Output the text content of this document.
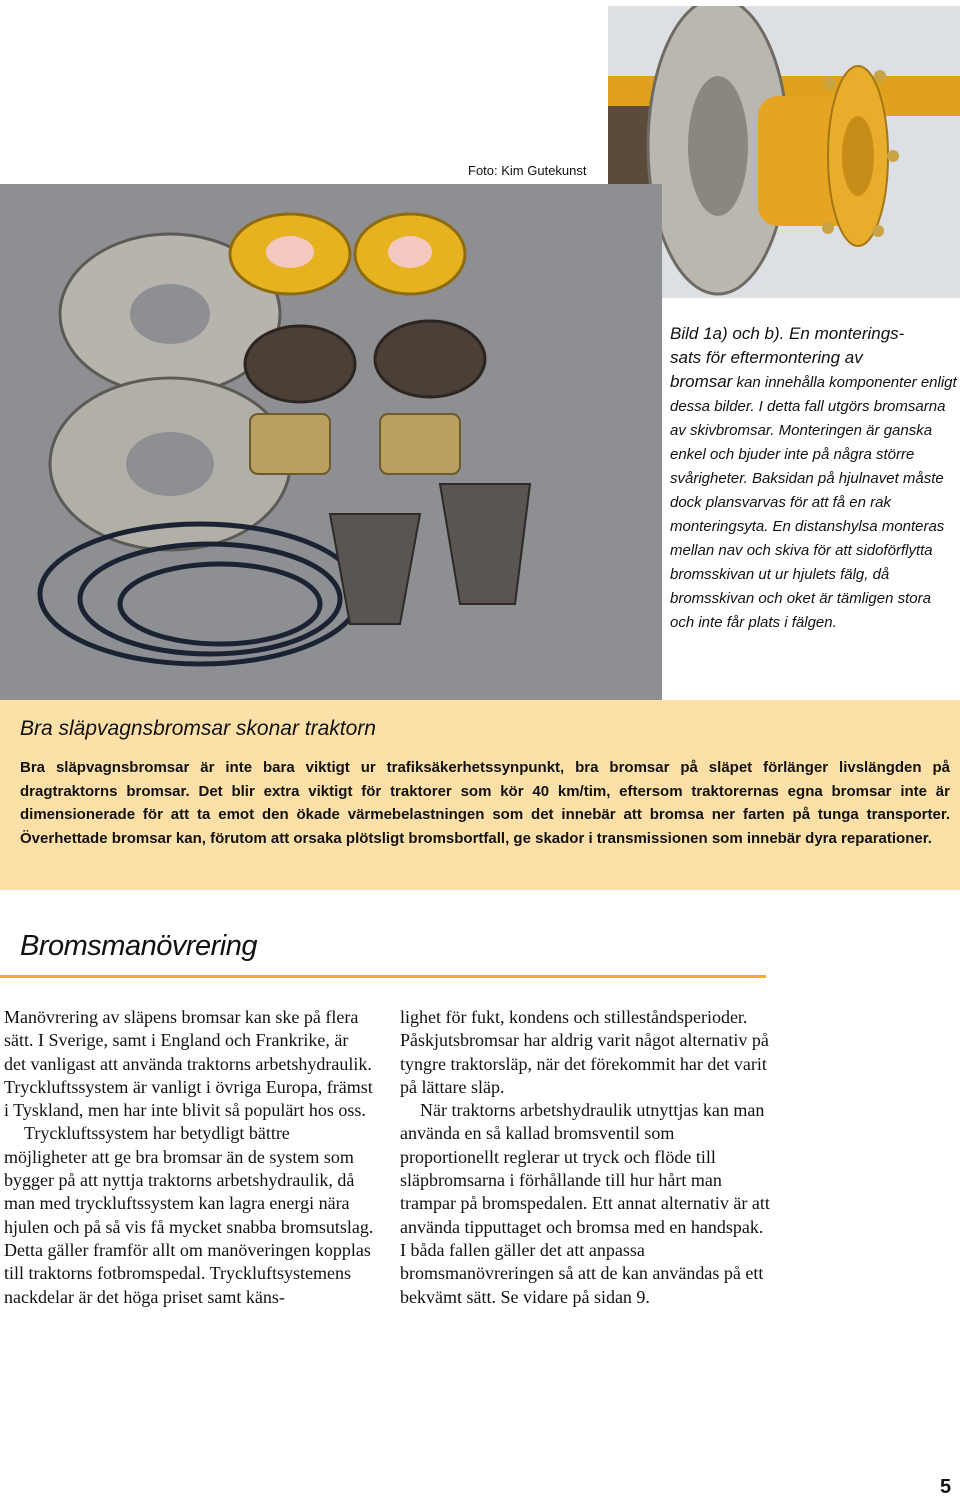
Foto: Kim Gutekunst
Bild 1a) och b). En monterings-
sats för eftermontering av
bromsar kan innehålla komponenter enligt dessa bilder. I detta fall utgörs bromsarna av skivbromsar. Monteringen är ganska enkel och bjuder inte på några större svårigheter. Baksidan på hjulnavet måste dock plansvarvas för att få en rak monteringsyta. En distanshylsa monteras mellan nav och skiva för att sidoförflytta bromsskivan ut ur hjulets fälg, då bromsskivan och oket är tämligen stora och inte får plats i fälgen.
Bra släpvagnsbromsar skonar traktorn
Bra släpvagnsbromsar är inte bara viktigt ur trafiksäkerhetssynpunkt, bra bromsar på släpet förlänger livslängden på dragtraktorns bromsar. Det blir extra viktigt för traktorer som kör 40 km/tim, eftersom traktorernas egna bromsar inte är dimensionerade för att ta emot den ökade värmebelastningen som det innebär att bromsa ner farten på tunga transporter. Överhettade bromsar kan, förutom att orsaka plötsligt bromsbortfall, ge skador i transmissionen som innebär dyra reparationer.
Bromsmanövrering

Manövrering av släpens bromsar kan ske på flera sätt. I Sverige, samt i England och Frankrike, är det vanligast att använda traktorns arbetshydraulik. Tryckluftssystem är vanligt i övriga Europa, främst i Tyskland, men har inte blivit så populärt hos oss.

Tryckluftssystem har betydligt bättre möjligheter att ge bra bromsar än de system som bygger på att nyttja traktorns arbetshydraulik, då man med tryckluftssystem kan lagra energi nära hjulen och på så vis få mycket snabba bromsutslag. Detta gäller framför allt om manöveringen kopplas till traktorns fotbromspedal. Tryckluftsystemens nackdelar är det höga priset samt käns-

lighet för fukt, kondens och stilleståndsperioder. Påskjutsbromsar har aldrig varit något alternativ på tyngre traktorsläp, när det förekommit har det varit på lättare släp.

När traktorns arbetshydraulik utnyttjas kan man använda en så kallad bromsventil som proportionellt reglerar ut tryck och flöde till släpbromsarna i förhållande till hur hårt man trampar på bromspedalen. Ett annat alternativ är att använda tipputtaget och bromsa med en handspak. I båda fallen gäller det att anpassa bromsmanövreringen så att de kan användas på ett bekvämt sätt. Se vidare på sidan 9.

5
